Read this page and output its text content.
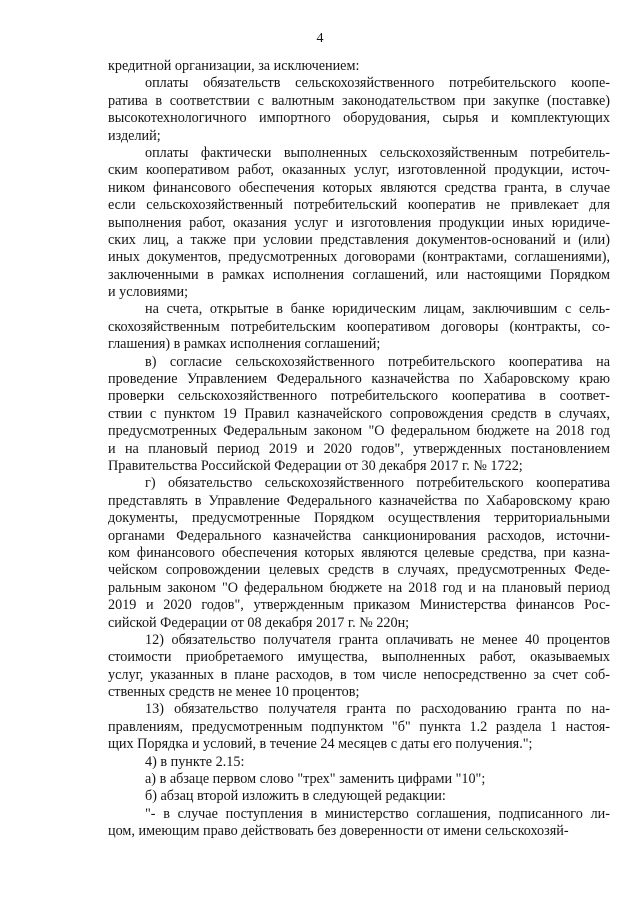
4
кредитной организации, за исключением:
оплаты обязательств сельскохозяйственного потребительского коопе-
ратива в соответствии с валютным законодательством при закупке (поставке)
высокотехнологичного импортного оборудования, сырья и комплектующих
изделий;
оплаты фактически выполненных сельскохозяйственным потребитель-
ским кооперативом работ, оказанных услуг, изготовленной продукции, источ-
ником финансового обеспечения которых являются средства гранта, в случае
если сельскохозяйственный потребительский кооператив не привлекает для
выполнения работ, оказания услуг и изготовления продукции иных юридиче-
ских лиц, а также при условии представления документов-оснований и (или)
иных документов, предусмотренных договорами (контрактами, соглашениями),
заключенными в рамках исполнения соглашений, или настоящими Порядком
и условиями;
на счета, открытые в банке юридическим лицам, заключившим с сель-
скохозяйственным потребительским кооперативом договоры (контракты, со-
глашения) в рамках исполнения соглашений;
в) согласие сельскохозяйственного потребительского кооператива на
проведение Управлением Федерального казначейства по Хабаровскому краю
проверки сельскохозяйственного потребительского кооператива в соответ-
ствии с пунктом 19 Правил казначейского сопровождения средств в случаях,
предусмотренных Федеральным законом "О федеральном бюджете на 2018 год
и на плановый период 2019 и 2020 годов", утвержденных постановлением
Правительства Российской Федерации от 30 декабря 2017 г. № 1722;
г) обязательство сельскохозяйственного потребительского кооператива
представлять в Управление Федерального казначейства по Хабаровскому краю
документы, предусмотренные Порядком осуществления территориальными
органами Федерального казначейства санкционирования расходов, источни-
ком финансового обеспечения которых являются целевые средства, при казна-
чейском сопровождении целевых средств в случаях, предусмотренных Феде-
ральным законом "О федеральном бюджете на 2018 год и на плановый период
2019 и 2020 годов", утвержденным приказом Министерства финансов Рос-
сийской Федерации от 08 декабря 2017 г. № 220н;
12) обязательство получателя гранта оплачивать не менее 40 процентов
стоимости приобретаемого имущества, выполненных работ, оказываемых
услуг, указанных в плане расходов, в том числе непосредственно за счет соб-
ственных средств не менее 10 процентов;
13) обязательство получателя гранта по расходованию гранта по на-
правлениям, предусмотренным подпунктом "б" пункта 1.2 раздела 1 настоя-
щих Порядка и условий, в течение 24 месяцев с даты его получения.";
4) в пункте 2.15:
а) в абзаце первом слово "трех" заменить цифрами "10";
б) абзац второй изложить в следующей редакции:
"- в случае поступления в министерство соглашения, подписанного ли-
цом, имеющим право действовать без доверенности от имени сельскохозяй-
